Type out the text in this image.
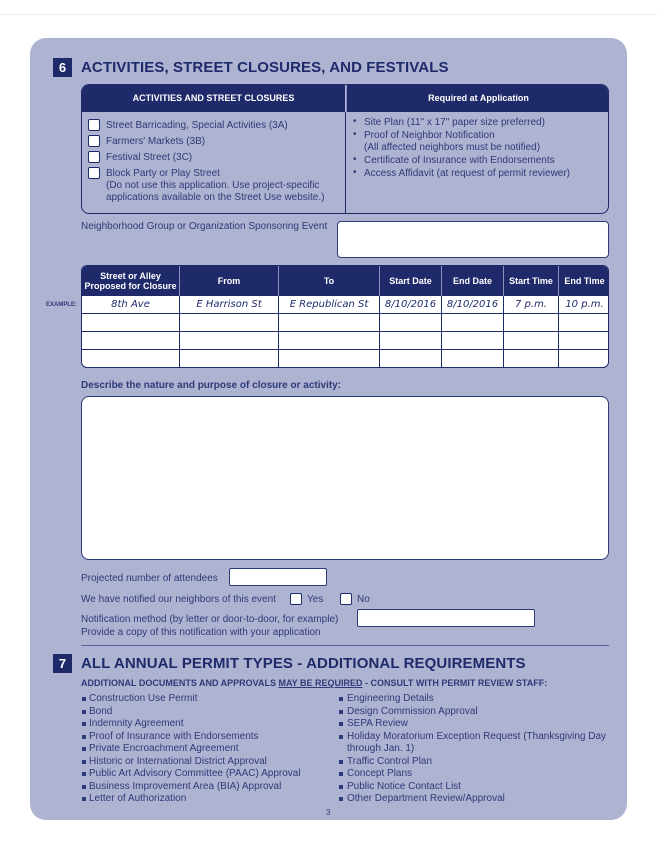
6 ACTIVITIES, STREET CLOSURES, AND FESTIVALS
ACTIVITIES AND STREET CLOSURES	Required at Application
Street Barricading, Special Activities (3A)
Farmers' Markets (3B)
Festival Street (3C)
Block Party or Play Street
(Do not use this application. Use project-specific
applications available on the Street Use website.)
• Site Plan (11" x 17" paper size preferred)
• Proof of Neighbor Notification
(All affected neighbors must be notified)
• Certificate of Insurance with Endorsements
• Access Affidavit (at request of permit reviewer)
Neighborhood Group or Organization Sponsoring Event
Street or Alley Proposed for Closure	From	To	Start Date	End Date	Start Time	End Time
8th Ave	E Harrison St	E Republican St	8/10/2016	8/10/2016	7 p.m.	10 p.m.
EXAMPLE:
Describe the nature and purpose of closure or activity:
Projected number of attendees
We have notified our neighbors of this event	Yes	No
Notification method (by letter or door-to-door, for example)
Provide a copy of this notification with your application
7 ALL ANNUAL PERMIT TYPES - ADDITIONAL REQUIREMENTS
ADDITIONAL DOCUMENTS AND APPROVALS MAY BE REQUIRED - CONSULT WITH PERMIT REVIEW STAFF:
Construction Use Permit
Bond
Indemnity Agreement
Proof of Insurance with Endorsements
Private Encroachment Agreement
Historic or International District Approval
Public Art Advisory Committee (PAAC) Approval
Business Improvement Area (BIA) Approval
Letter of Authorization
Engineering Details
Design Commission Approval
SEPA Review
Holiday Moratorium Exception Request (Thanksgiving Day
through Jan. 1)
Traffic Control Plan
Concept Plans
Public Notice Contact List
Other Department Review/Approval
3
